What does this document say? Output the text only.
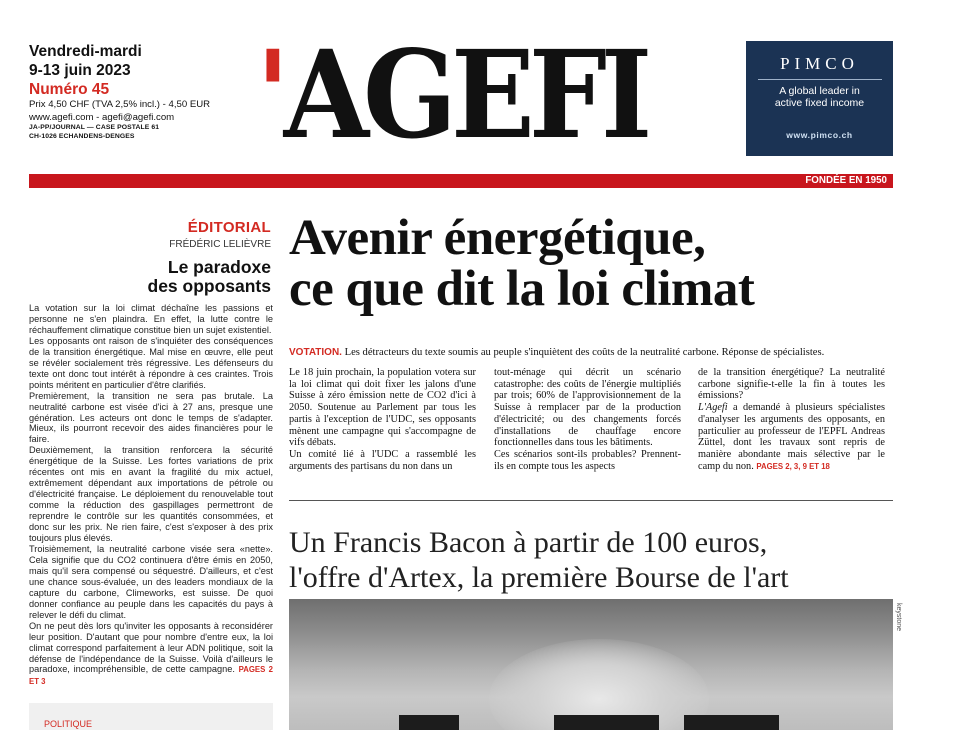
Vendredi-mardi
9-13 juin 2023
Numéro 45
Prix 4,50 CHF (TVA 2,5% incl.) - 4,50 EUR
www.agefi.com - agefi@agefi.com
JA-PP/JOURNAL — CASE POSTALE 61
CH-1026 ECHANDENS-DENGES	'AGEFI	PIMCO
A global leader in
active fixed income
www.pimco.ch
FONDÉE EN 1950
ÉDITORIAL
FRÉDÉRIC LELIÈVRE
Le paradoxe
des opposants

La votation sur la loi climat déchaîne les passions et personne ne s'en plaindra. En effet, la lutte contre le réchauffement climatique constitue bien un sujet existentiel.

Les opposants ont raison de s'inquiéter des conséquences de la transition énergétique. Mal mise en œuvre, elle peut se révéler socialement très régressive. Les défenseurs du texte ont donc tout intérêt à répondre à ces craintes. Trois points méritent en particulier d'être clarifiés.

Premièrement, la transition ne sera pas brutale. La neutralité carbone est visée d'ici à 27 ans, presque une génération. Les acteurs ont donc le temps de s'adapter. Mieux, ils pourront recevoir des aides financières pour le faire.

Deuxièmement, la transition renforcera la sécurité énergétique de la Suisse. Les fortes variations de prix récentes ont mis en avant la fragilité du mix actuel, extrêmement dépendant aux importations de pétrole ou d'électricité française. Le déploiement du renouvelable tout comme la réduction des gaspillages permettront de reprendre le contrôle sur les quantités consommées, et donc sur les prix. Ne rien faire, c'est s'exposer à des prix toujours plus élevés.

Troisièmement, la neutralité carbone visée sera «nette». Cela signifie que du CO2 continuera d'être émis en 2050, mais qu'il sera compensé ou séquestré. D'ailleurs, et c'est une chance sous-évaluée, un des leaders mondiaux de la capture du carbone, Climeworks, est suisse. De quoi donner confiance au peuple dans les capacités du pays à relever le défi du climat.

On ne peut dès lors qu'inviter les opposants à reconsidérer leur position. D'autant que pour nombre d'entre eux, la loi climat correspond parfaitement à leur ADN politique, soit la défense de l'indépendance de la Suisse. Voilà d'ailleurs le paradoxe, incompréhensible, de cette campagne. PAGES 2 ET 3

POLITIQUE
Avenir énergétique,
ce que dit la loi climat
VOTATION. Les détracteurs du texte soumis au peuple s'inquiètent des coûts de la neutralité carbone. Réponse de spécialistes.

Le 18 juin prochain, la population votera sur la loi climat qui doit fixer les jalons d'une Suisse à zéro émission nette de CO2 d'ici à 2050. Soutenue au Parlement par tous les partis à l'exception de l'UDC, ses opposants mènent une campagne qui s'accompagne de vifs débats.

Un comité lié à l'UDC a rassemblé les arguments des partisans du non dans un

tout-ménage qui décrit un scénario catastrophe: des coûts de l'énergie multipliés par trois; 60% de l'approvisionnement de la Suisse à remplacer par de la production d'électricité; ou des changements forcés d'installations de chauffage encore fonctionnelles dans tous les bâtiments.

Ces scénarios sont-ils probables? Prennent-ils en compte tous les aspects

de la transition énergétique? La neutralité carbone signifie-t-elle la fin à toutes les émissions?

L'Agefi a demandé à plusieurs spécialistes d'analyser les arguments des opposants, en particulier au professeur de l'EPFL Andreas Züttel, dont les travaux sont repris de manière abondante mais sélective par le camp du non. PAGES 2, 3, 9 ET 18

Un Francis Bacon à partir de 100 euros,
l'offre d'Artex, la première Bourse de l'art
keystone
